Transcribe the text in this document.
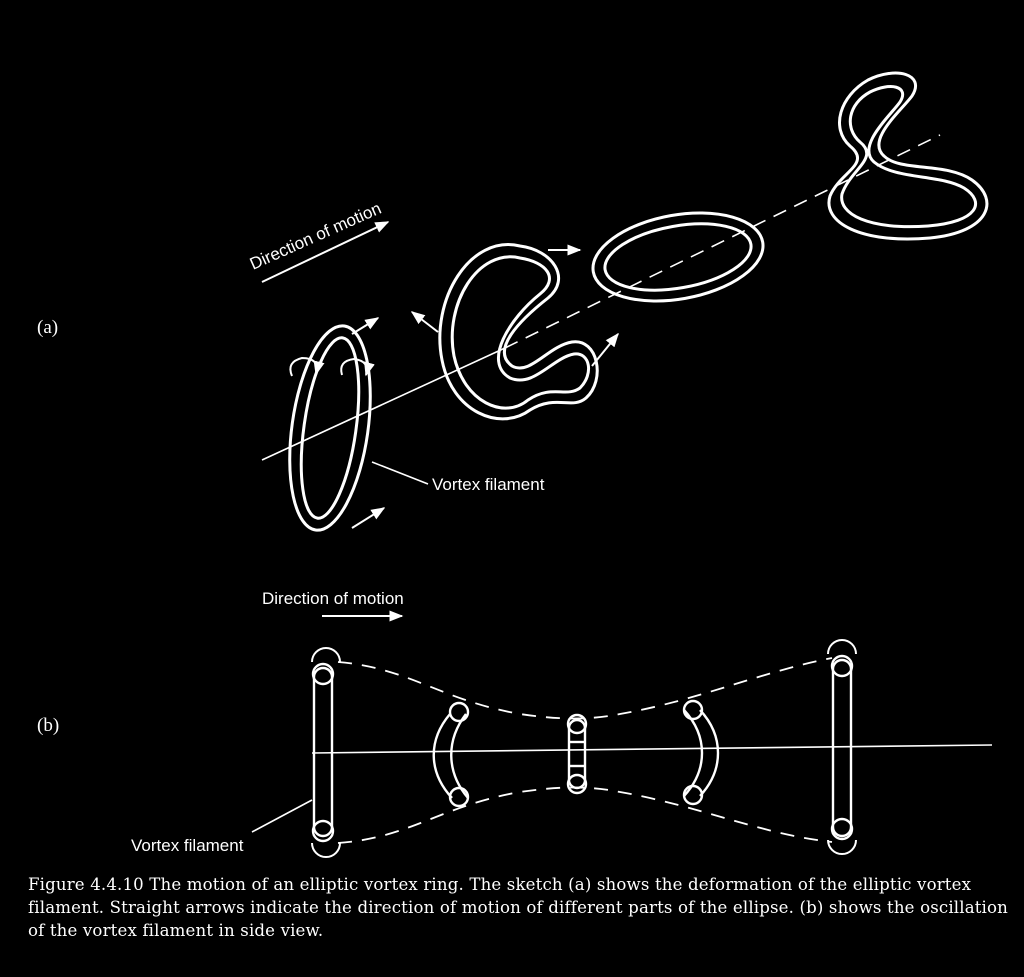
(a)
Direction of motion
Vortex filament
(b)
Direction of motion
Vortex filament

Figure 4.4.10 The motion of an elliptic vortex ring. The sketch (a) shows the deformation of the elliptic vortex filament. Straight arrows indicate the direction of motion of different parts of the ellipse. (b) shows the oscillation of the vortex filament in side view.
